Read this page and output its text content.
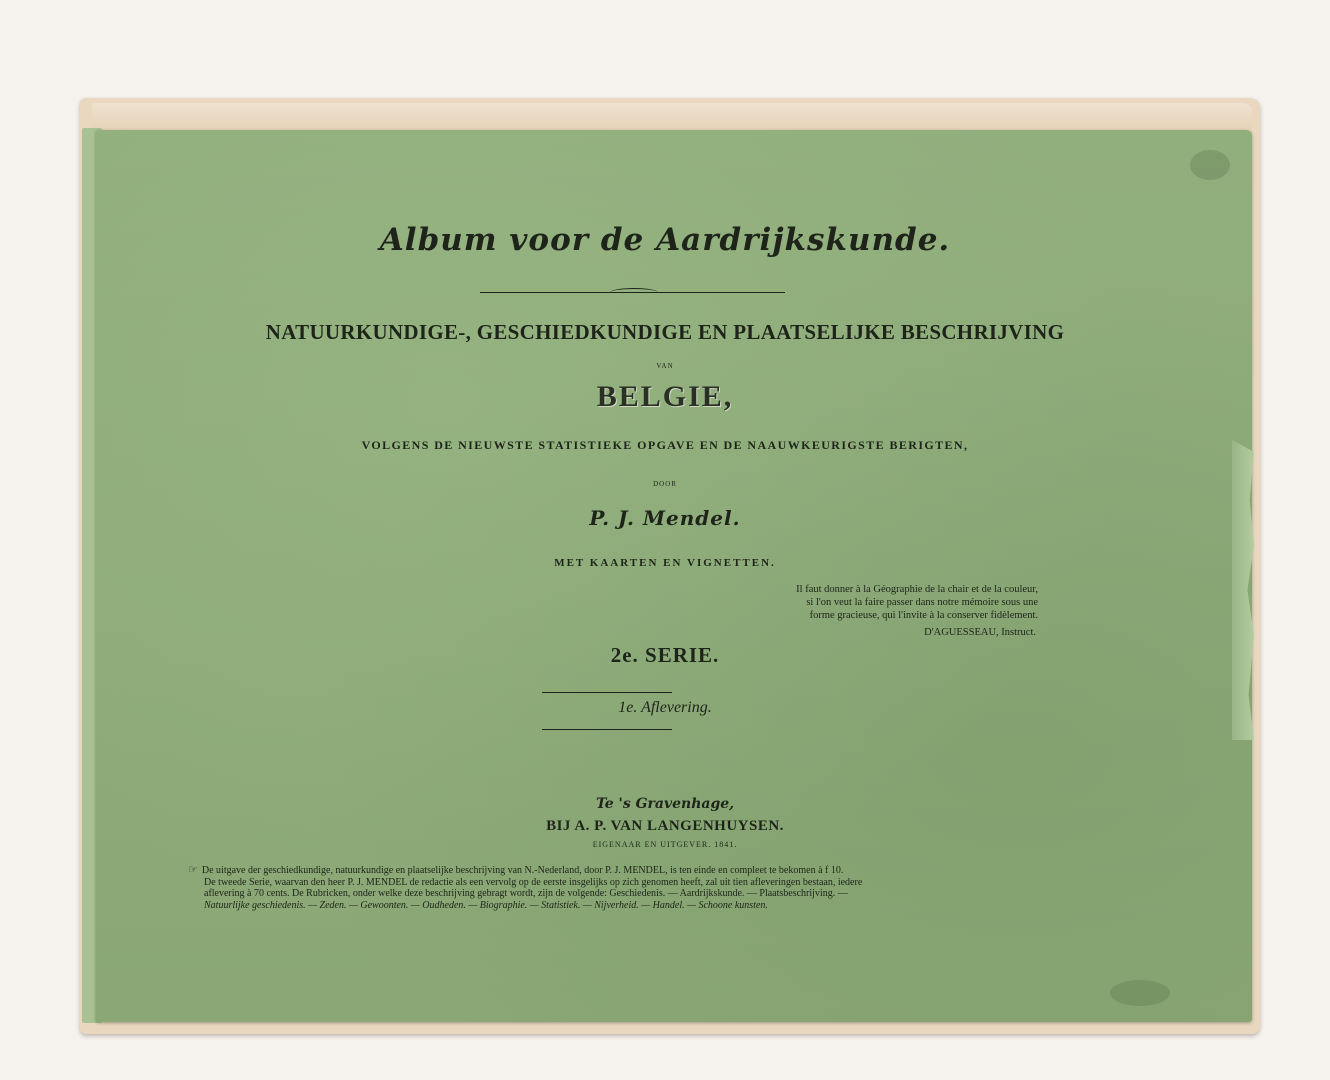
Album voor de Aardrijkskunde.
NATUURKUNDIGE-, GESCHIEDKUNDIGE EN PLAATSELIJKE BESCHRIJVING
VAN
BELGIE,
VOLGENS DE NIEUWSTE STATISTIEKE OPGAVE EN DE NAAUWKEURIGSTE BERIGTEN,
DOOR
P. J. Mendel.
MET KAARTEN EN VIGNETTEN.
Il faut donner à la Géographie de la chair et de la couleur,
si l'on veut la faire passer dans notre mémoire sous une
forme gracieuse, qui l'invite à la conserver fidèlement.
D'AGUESSEAU, Instruct.
2e. SERIE.
1e. Aflevering.
Te 's Gravenhage,
BIJ A. P. VAN LANGENHUYSEN.
EIGENAAR EN UITGEVER. 1841.
☞ De uitgave der geschiedkundige, natuurkundige en plaatselijke beschrijving van N.-Nederland, door P. J. MENDEL, is ten einde en compleet te bekomen à f 10.
De tweede Serie, waarvan den heer P. J. MENDEL de redactie als een vervolg op de eerste insgelijks op zich genomen heeft, zal uit tien afleveringen bestaan, iedere
aflevering à 70 cents. De Rubricken, onder welke deze beschrijving gebragt wordt, zijn de volgende: Geschiedenis. — Aardrijkskunde. — Plaatsbeschrijving. —
Natuurlijke geschiedenis. — Zeden. — Gewoonten. — Oudheden. — Biographie. — Statistiek. — Nijverheid. — Handel. — Schoone kunsten.
